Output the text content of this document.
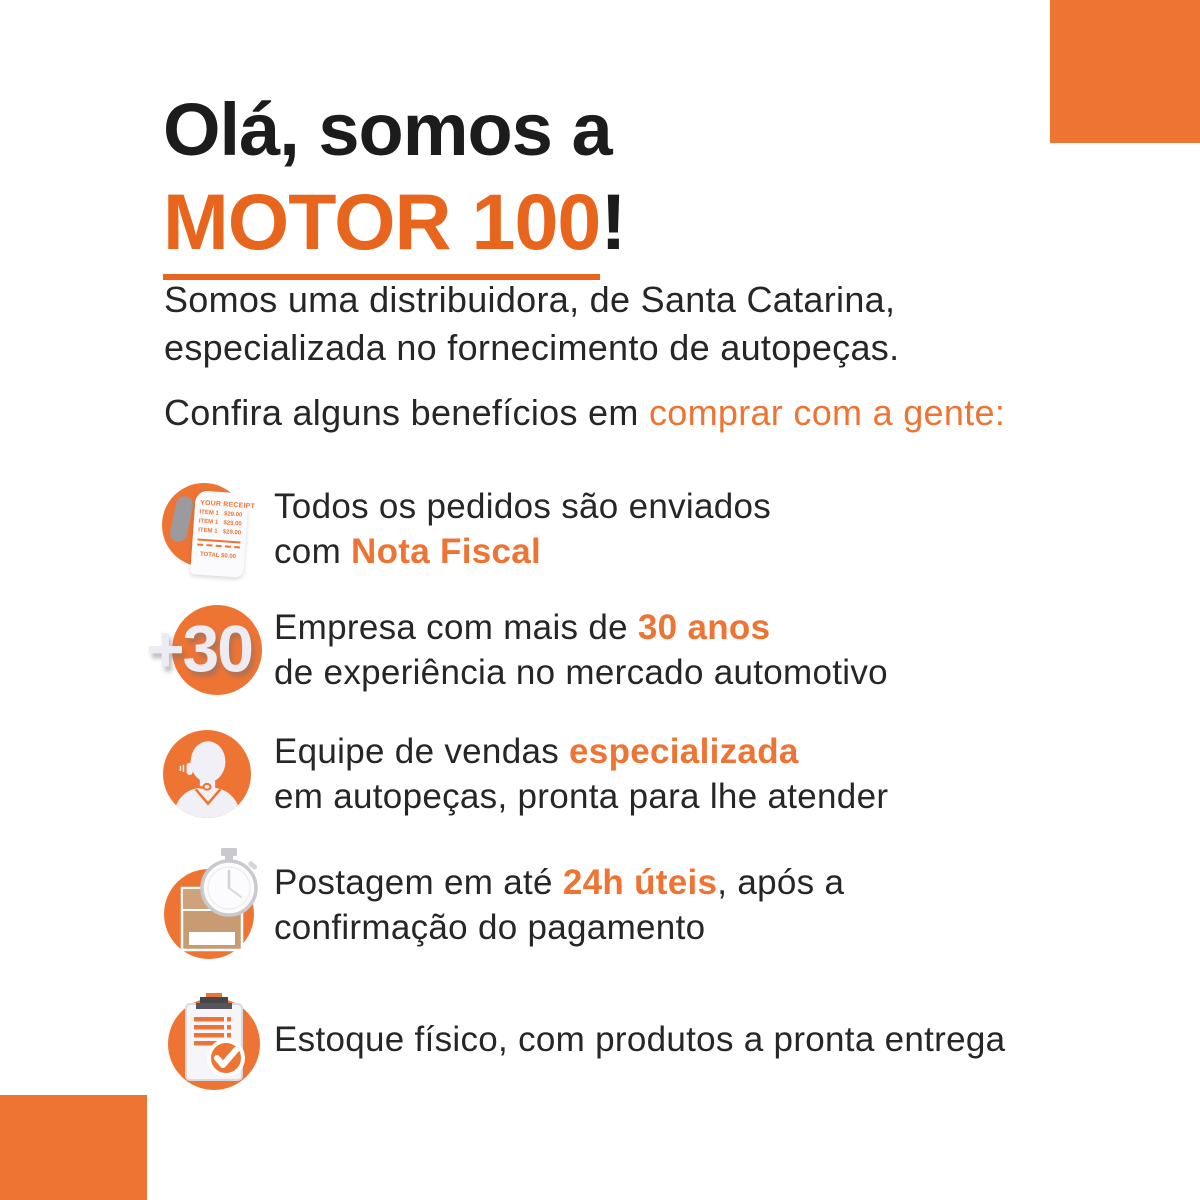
Olá, somos a
MOTOR 100!
Somos uma distribuidora, de Santa Catarina,
especializada no fornecimento de autopeças.
Confira alguns benefícios em comprar com a gente:
YOUR RECEIPT
ITEM 1 $29.00
ITEM 1 $29.00
ITEM 1 $29.00
TOTAL $0.00
Todos os pedidos são enviados
com Nota Fiscal
+30 Empresa com mais de 30 anos
de experiência no mercado automotivo
Equipe de vendas especializada
em autopeças, pronta para lhe atender
Postagem em até 24h úteis, após a
confirmação do pagamento
Estoque físico, com produtos a pronta entrega
